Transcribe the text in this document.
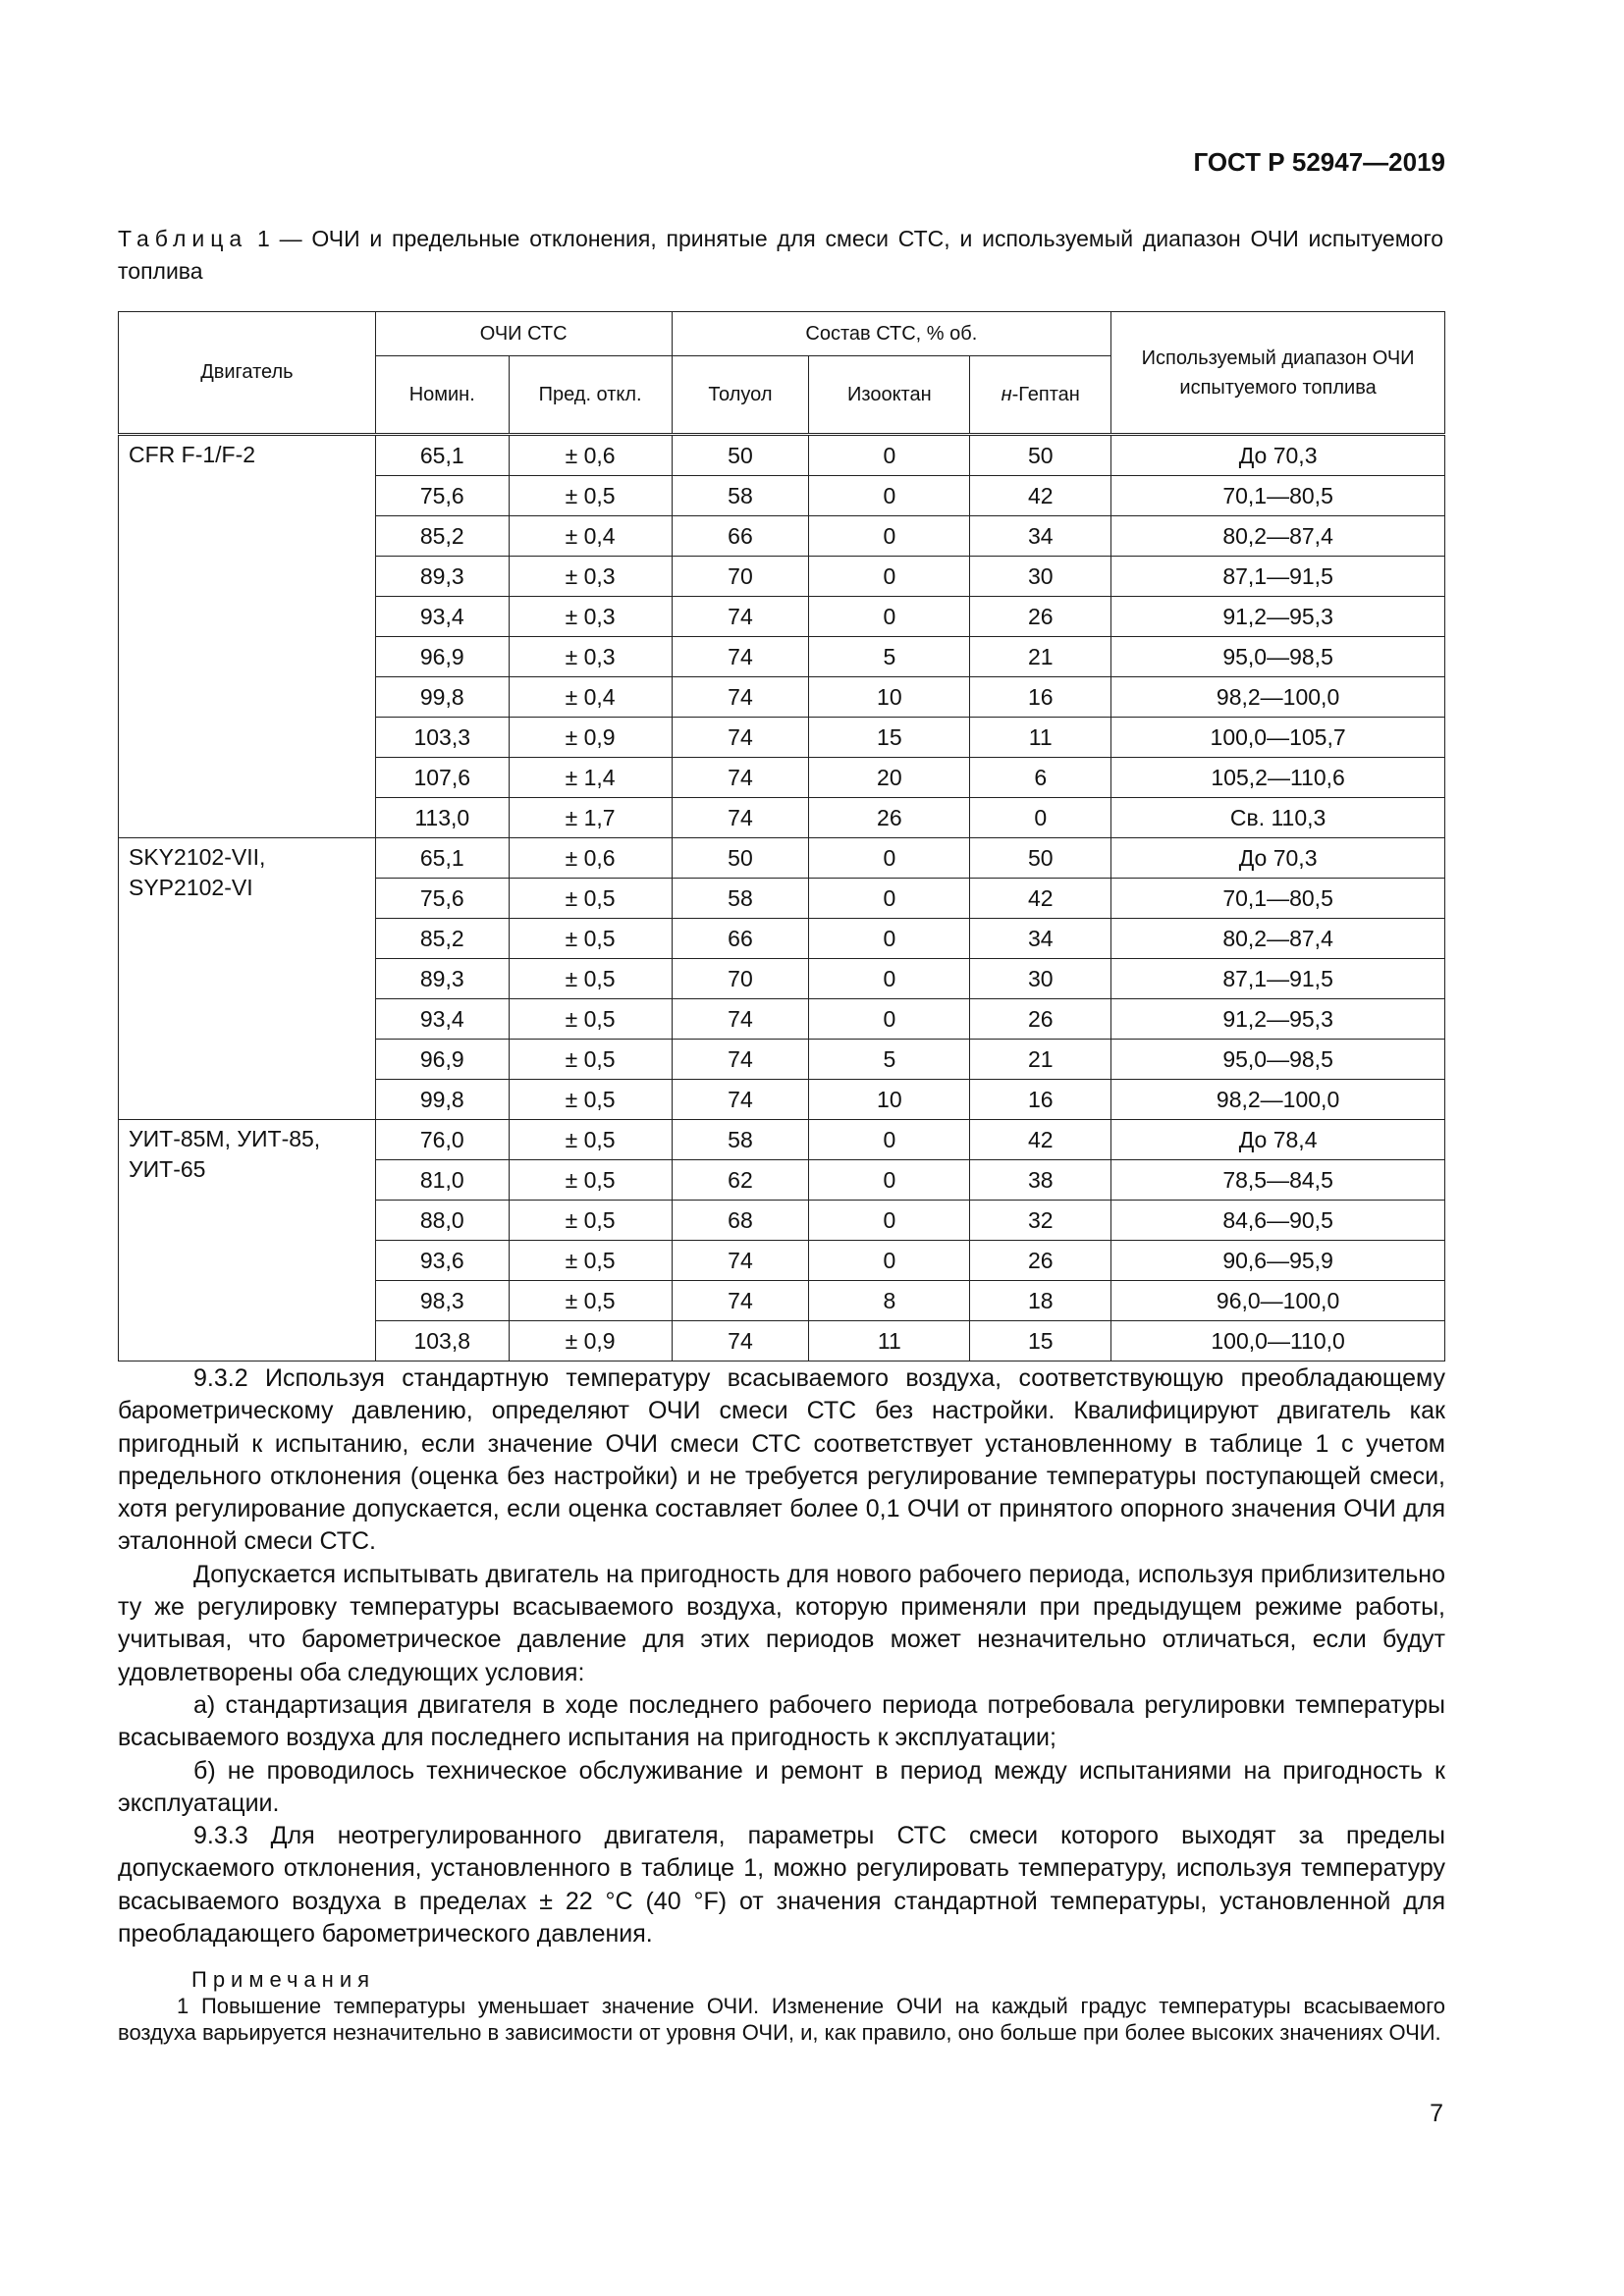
ГОСТ Р 52947—2019
Таблица 1 — ОЧИ и предельные отклонения, принятые для смеси СТС, и используемый диапазон ОЧИ испытуемого топлива
Двигатель	ОЧИ СТС		Состав СТС, % об.			Используемый диапазон ОЧИ испытуемого топлива
	Номин.	Пред. откл.	Толуол	Изооктан	н-Гептан	
CFR F-1/F-2	65,1	± 0,6	50	0	50	До 70,3
	75,6	± 0,5	58	0	42	70,1—80,5
	85,2	± 0,4	66	0	34	80,2—87,4
	89,3	± 0,3	70	0	30	87,1—91,5
	93,4	± 0,3	74	0	26	91,2—95,3
	96,9	± 0,3	74	5	21	95,0—98,5
	99,8	± 0,4	74	10	16	98,2—100,0
	103,3	± 0,9	74	15	11	100,0—105,7
	107,6	± 1,4	74	20	6	105,2—110,6
	113,0	± 1,7	74	26	0	Св. 110,3
SKY2102-VII, SYP2102-VI	65,1	± 0,6	50	0	50	До 70,3
	75,6	± 0,5	58	0	42	70,1—80,5
	85,2	± 0,5	66	0	34	80,2—87,4
	89,3	± 0,5	70	0	30	87,1—91,5
	93,4	± 0,5	74	0	26	91,2—95,3
	96,9	± 0,5	74	5	21	95,0—98,5
	99,8	± 0,5	74	10	16	98,2—100,0
УИТ-85М, УИТ-85, УИТ-65	76,0	± 0,5	58	0	42	До 78,4
	81,0	± 0,5	62	0	38	78,5—84,5
	88,0	± 0,5	68	0	32	84,6—90,5
	93,6	± 0,5	74	0	26	90,6—95,9
	98,3	± 0,5	74	8	18	96,0—100,0
	103,8	± 0,9	74	11	15	100,0—110,0

9.3.2 Используя стандартную температуру всасываемого воздуха, соответствующую преобладающему барометрическому давлению, определяют ОЧИ смеси СТС без настройки. Квалифицируют двигатель как пригодный к испытанию, если значение ОЧИ смеси СТС соответствует установленному в таблице 1 с учетом предельного отклонения (оценка без настройки) и не требуется регулирование температуры поступающей смеси, хотя регулирование допускается, если оценка составляет более 0,1 ОЧИ от принятого опорного значения ОЧИ для эталонной смеси СТС.

Допускается испытывать двигатель на пригодность для нового рабочего периода, используя приблизительно ту же регулировку температуры всасываемого воздуха, которую применяли при предыдущем режиме работы, учитывая, что барометрическое давление для этих периодов может незначительно отличаться, если будут удовлетворены оба следующих условия:

а) стандартизация двигателя в ходе последнего рабочего периода потребовала регулировки температуры всасываемого воздуха для последнего испытания на пригодность к эксплуатации;

б) не проводилось техническое обслуживание и ремонт в период между испытаниями на пригодность к эксплуатации.

9.3.3 Для неотрегулированного двигателя, параметры СТС смеси которого выходят за пределы допускаемого отклонения, установленного в таблице 1, можно регулировать температуру, используя температуру всасываемого воздуха в пределах ± 22 °С (40 °F) от значения стандартной температуры, установленной для преобладающего барометрического давления.

Примечания

1 Повышение температуры уменьшает значение ОЧИ. Изменение ОЧИ на каждый градус температуры всасываемого воздуха варьируется незначительно в зависимости от уровня ОЧИ, и, как правило, оно больше при более высоких значениях ОЧИ.

7
